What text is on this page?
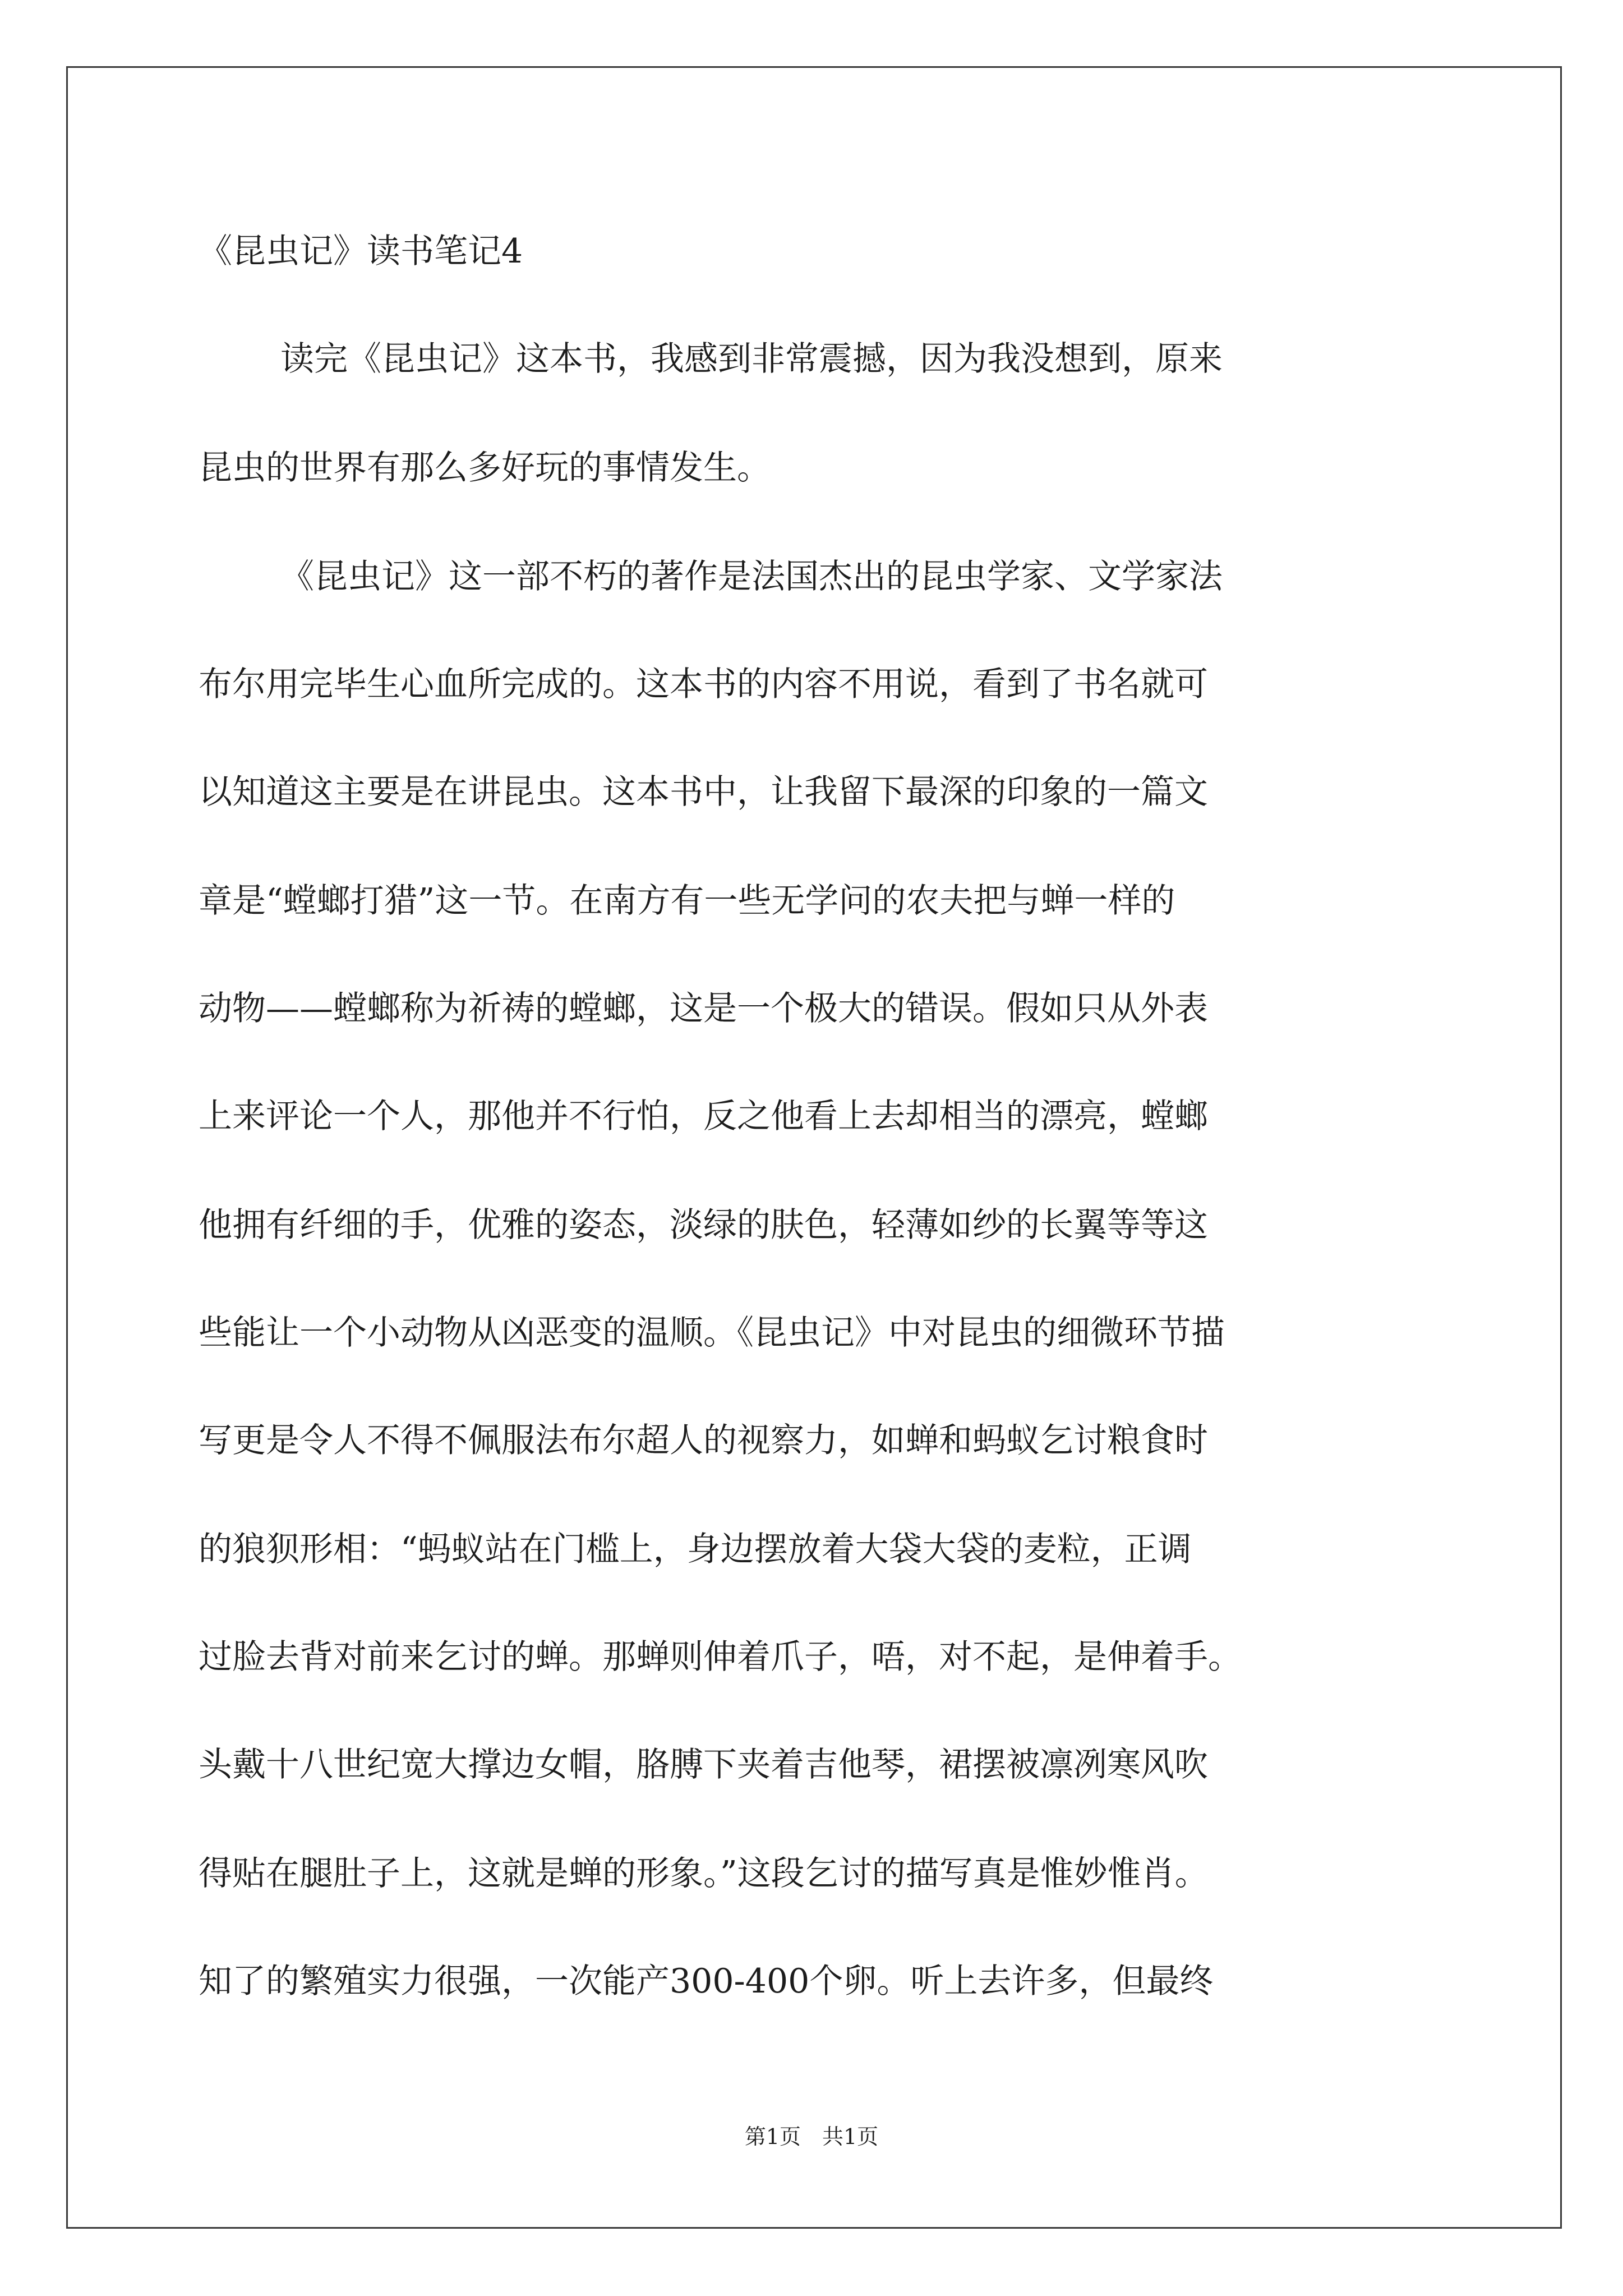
《昆虫记》读书笔记4
读完《昆虫记》这本书，我感到非常震撼，因为我没想到，原来
昆虫的世界有那么多好玩的事情发生。
《昆虫记》这一部不朽的著作是法国杰出的昆虫学家、文学家法
布尔用完毕生心血所完成的。这本书的内容不用说，看到了书名就可
以知道这主要是在讲昆虫。这本书中，让我留下最深的印象的一篇文
章是“螳螂打猎”这一节。在南方有一些无学问的农夫把与蝉一样的
动物——螳螂称为祈祷的螳螂，这是一个极大的错误。假如只从外表
上来评论一个人，那他并不行怕，反之他看上去却相当的漂亮，螳螂
他拥有纤细的手，优雅的姿态，淡绿的肤色，轻薄如纱的长翼等等这
些能让一个小动物从凶恶变的温顺。《昆虫记》中对昆虫的细微环节描
写更是令人不得不佩服法布尔超人的视察力，如蝉和蚂蚁乞讨粮食时
的狼狈形相：“蚂蚁站在门槛上，身边摆放着大袋大袋的麦粒，正调
过脸去背对前来乞讨的蝉。那蝉则伸着爪子，唔，对不起，是伸着手。
头戴十八世纪宽大撑边女帽，胳膊下夹着吉他琴，裙摆被凛冽寒风吹
得贴在腿肚子上，这就是蝉的形象。”这段乞讨的描写真是惟妙惟肖。
知了的繁殖实力很强，一次能产300-400个卵。听上去许多，但最终
第1页　共1页
